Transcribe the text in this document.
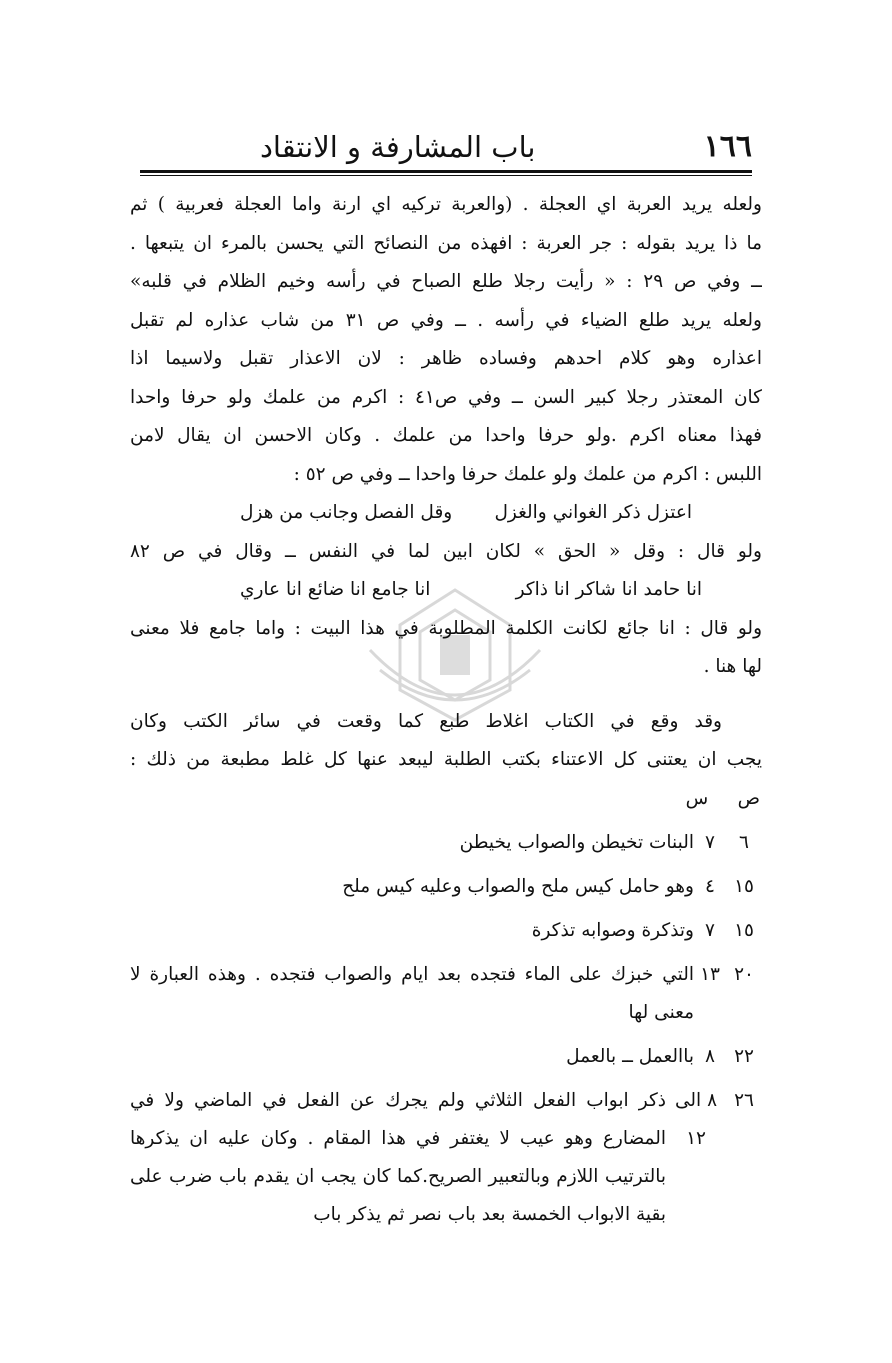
١٦٦
باب المشارفة و الانتقاد
ولعله يريد العربة اي العجلة . (والعربة تركيه اي ارنة واما العجلة فعربية ) ثم
ما ذا يريد بقوله : جر العربة : افهذه من النصائح التي يحسن بالمرء ان يتبعها .
ــ وفي ص ٢٩ : « رأيت رجلا طلع الصباح في رأسه وخيم الظلام في قلبه»
ولعله يريد طلع الضياء في رأسه . ــ وفي ص ٣١ من شاب عذاره لم تقبل
اعذاره وهو كلام احدهم وفساده ظاهر : لان الاعذار تقبل ولاسيما اذا
كان المعتذر رجلا كبير السن ــ وفي ص٤١ : اكرم من علمك ولو حرفا واحدا
فهذا معناه اكرم .ولو حرفا واحدا من علمك . وكان الاحسن ان يقال لامن
اللبس : اكرم من علمك ولو علمك حرفا واحدا ــ وفي ص ٥٢ :
اعتزل ذكر الغواني والغزل
وقل الفصل وجانب من هزل
ولو قال : وقل « الحق » لكان ابين لما في النفس ــ وقال في ص ٨٢
انا حامد انا شاكر انا ذاكر
انا جامع انا ضائع انا عاري
ولو قال : انا جائع لكانت الكلمة المطلوبة في هذا البيت : واما جامع فلا معنى
لها هنا .
وقد وقع في الكتاب اغلاط طبع كما وقعت في سائر الكتب وكان
يجب ان يعتنى كل الاعتناء بكتب الطلبة ليبعد عنها كل غلط مطبعة من ذلك :
ص     س
٦
٧
البنات تخيطن والصواب يخيطن
١٥
٤
وهو حامل كيس ملح والصواب وعليه كيس ملح
١٥
٧
وتذكرة وصوابه تذكرة
٢٠
١٣
التي خبزك على الماء فتجده بعد ايام والصواب فتجده . وهذه العبارة لا معنى لها
٢٢
٨
باالعمل ــ بالعمل
٢٦
٨ الى ١٢
ذكر ابواب الفعل الثلاثي ولم يجرك عن الفعل في الماضي ولا في المضارع وهو عيب لا يغتفر في هذا المقام . وكان عليه ان يذكرها بالترتيب اللازم وبالتعبير الصريح.كما كان يجب ان يقدم باب ضرب على بقية الابواب الخمسة بعد باب نصر ثم يذكر باب
